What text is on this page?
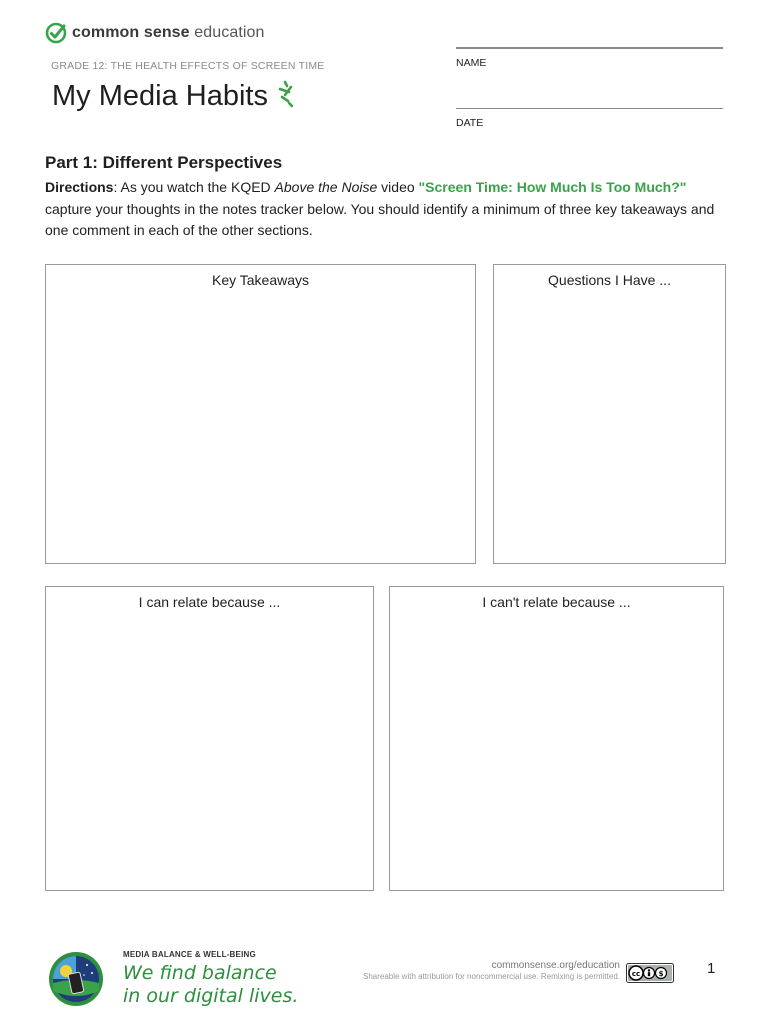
common sense education
GRADE 12: THE HEALTH EFFECTS OF SCREEN TIME
My Media Habits
NAME
DATE
Part 1: Different Perspectives
Directions: As you watch the KQED Above the Noise video "Screen Time: How Much Is Too Much?" capture your thoughts in the notes tracker below. You should identify a minimum of three key takeaways and one comment in each of the other sections.
Key Takeaways	Questions I Have ...
I can relate because ...	I can't relate because ...
MEDIA BALANCE & WELL-BEING
We find balance
in our digital lives.
commonsense.org/education
Shareable with attribution for noncommercial use. Remixing is permitted. cc	$	1
